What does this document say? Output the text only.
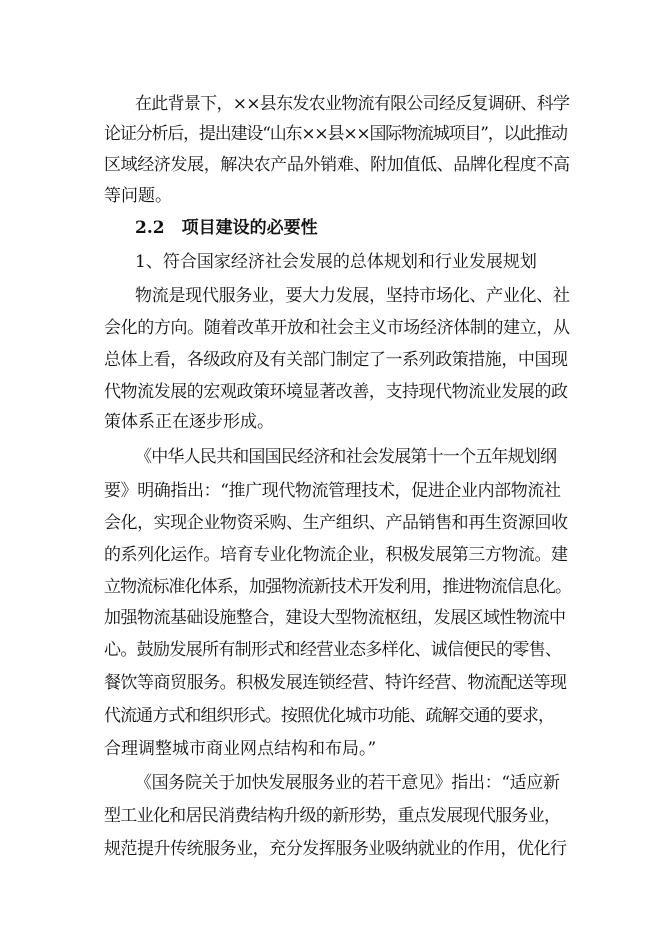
在此背景下，××县东发农业物流有限公司经反复调研、科学
论证分析后，提出建设“山东××县××国际物流城项目”，以此推动
区域经济发展，解决农产品外销难、附加值低、品牌化程度不高
等问题。
2.2 项目建设的必要性
1、符合国家经济社会发展的总体规划和行业发展规划
物流是现代服务业，要大力发展，坚持市场化、产业化、社
会化的方向。随着改革开放和社会主义市场经济体制的建立，从
总体上看，各级政府及有关部门制定了一系列政策措施，中国现
代物流发展的宏观政策环境显著改善，支持现代物流业发展的政
策体系正在逐步形成。
《中华人民共和国国民经济和社会发展第十一个五年规划纲
要》明确指出：“推广现代物流管理技术，促进企业内部物流社
会化，实现企业物资采购、生产组织、产品销售和再生资源回收
的系列化运作。培育专业化物流企业，积极发展第三方物流。建
立物流标准化体系，加强物流新技术开发利用，推进物流信息化。
加强物流基础设施整合，建设大型物流枢纽，发展区域性物流中
心。鼓励发展所有制形式和经营业态多样化、诚信便民的零售、
餐饮等商贸服务。积极发展连锁经营、特许经营、物流配送等现
代流通方式和组织形式。按照优化城市功能、疏解交通的要求，
合理调整城市商业网点结构和布局。”
《国务院关于加快发展服务业的若干意见》指出：“适应新
型工业化和居民消费结构升级的新形势，重点发展现代服务业，
规范提升传统服务业，充分发挥服务业吸纳就业的作用，优化行
